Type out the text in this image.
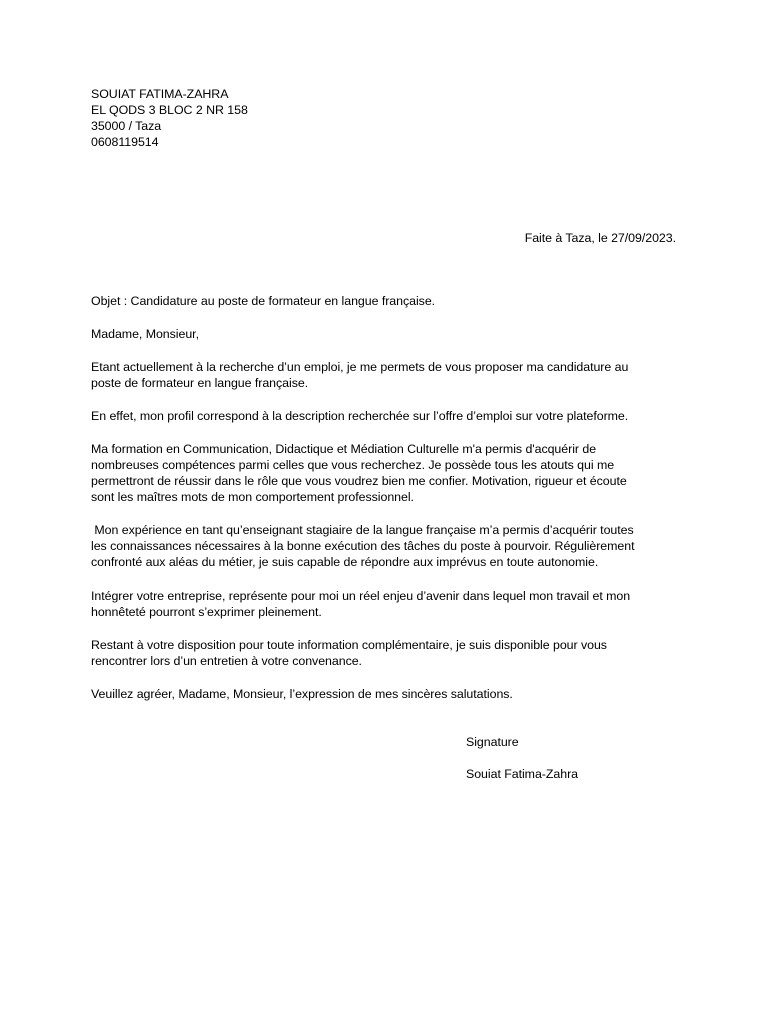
SOUIAT FATIMA-ZAHRA
EL QODS 3 BLOC 2 NR 158
35000 / Taza
0608119514
Faite à Taza, le 27/09/2023.
Objet : Candidature au poste de formateur en langue française.
Madame, Monsieur,
Etant actuellement à la recherche d’un emploi, je me permets de vous proposer ma candidature au
poste de formateur en langue française.
En effet, mon profil correspond à la description recherchée sur l’offre d’emploi sur votre plateforme.
Ma formation en Communication, Didactique et Médiation Culturelle m'a permis d'acquérir de
nombreuses compétences parmi celles que vous recherchez. Je possède tous les atouts qui me
permettront de réussir dans le rôle que vous voudrez bien me confier. Motivation, rigueur et écoute
sont les maîtres mots de mon comportement professionnel.
Mon expérience en tant qu’enseignant stagiaire de la langue française m’a permis d’acquérir toutes
les connaissances nécessaires à la bonne exécution des tâches du poste à pourvoir. Régulièrement
confronté aux aléas du métier, je suis capable de répondre aux imprévus en toute autonomie.
Intégrer votre entreprise, représente pour moi un réel enjeu d’avenir dans lequel mon travail et mon
honnêteté pourront s’exprimer pleinement.
Restant à votre disposition pour toute information complémentaire, je suis disponible pour vous
rencontrer lors d’un entretien à votre convenance.
Veuillez agréer, Madame, Monsieur, l’expression de mes sincères salutations.
Signature
Souiat Fatima-Zahra
